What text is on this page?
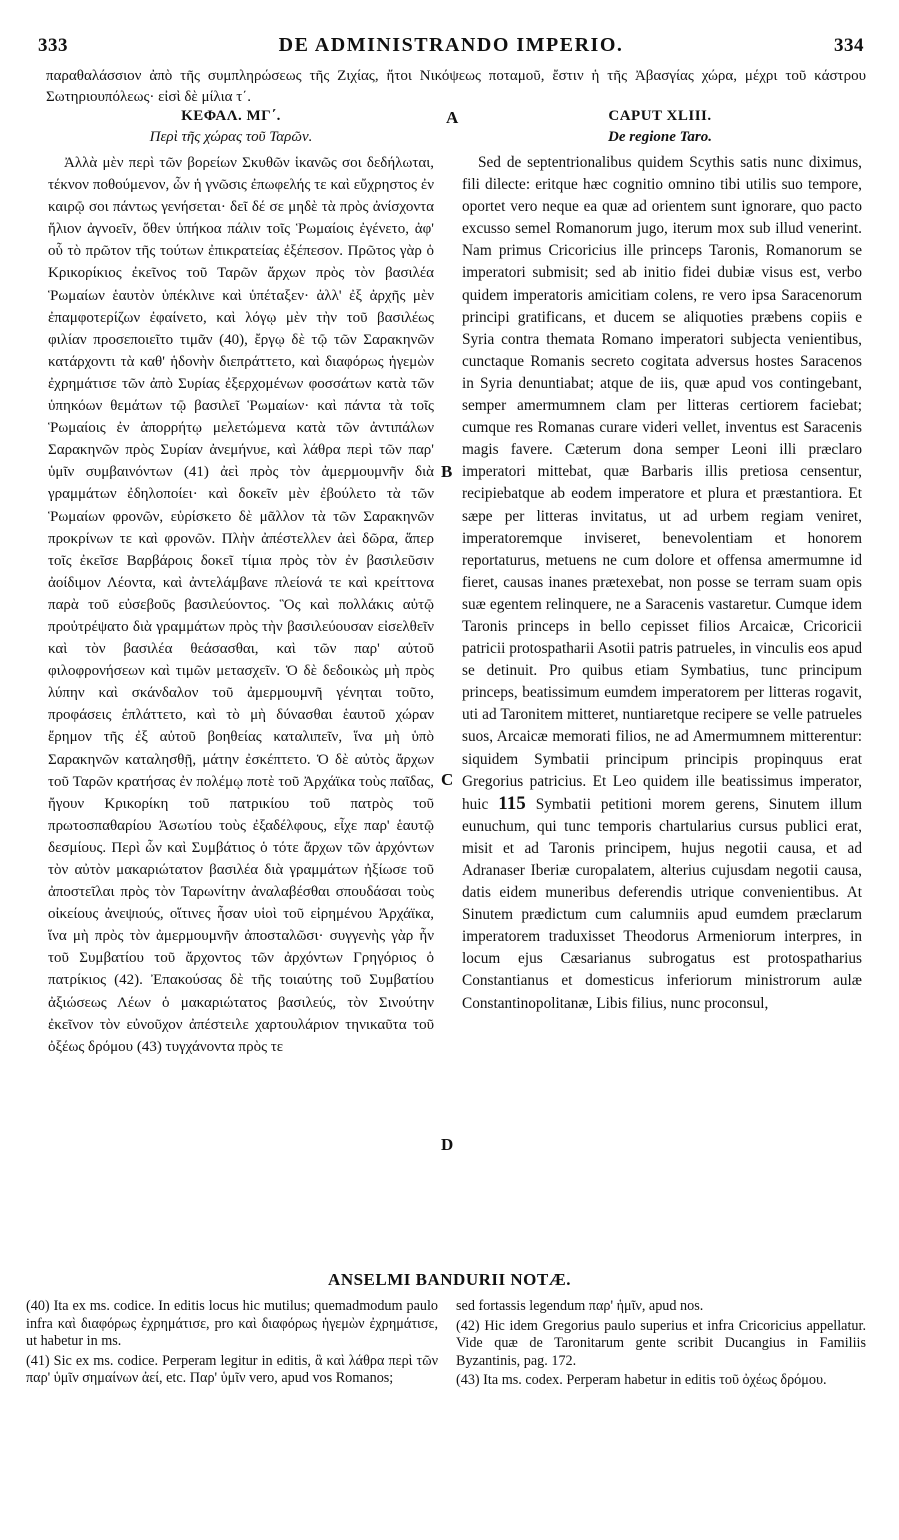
333	DE ADMINISTRANDO IMPERIO.	334
παραθαλάσσιον ἀπὸ τῆς συμπληρώσεως τῆς Ζιχίας, ἤτοι Νικόψεως ποταμοῦ, ἔστιν ἡ τῆς Ἀβασγίας χώρα, μέχρι τοῦ κάστρου Σωτηριουπόλεως· εἰσὶ δὲ μίλια τ΄.
ΚΕΦΑΛ. ΜΓ΄.
Περὶ τῆς χώρας τοῦ Ταρῶν.
CAPUT XLIII.
De regione Taro.
A
B
C
D

Ἀλλὰ μὲν περὶ τῶν βορείων Σκυθῶν ἱκανῶς σοι δεδήλωται, τέκνον ποθούμενον, ὧν ἡ γνῶσις ἐπωφελής τε καὶ εὔχρηστος ἐν καιρῷ σοι πάντως γενήσεται· δεῖ δέ σε μηδὲ τὰ πρὸς ἀνίσχοντα ἥλιον ἀγνοεῖν, ὅθεν ὑπήκοα πάλιν τοῖς Ῥωμαίοις ἐγένετο, ἀφ' οὗ τὸ πρῶτον τῆς τούτων ἐπικρατείας ἐξέπεσον. Πρῶτος γὰρ ὁ Κρικορίκιος ἐκεῖνος τοῦ Ταρῶν ἄρχων πρὸς τὸν βασιλέα Ῥωμαίων ἑαυτὸν ὑπέκλινε καὶ ὑπέταξεν· ἀλλ' ἐξ ἀρχῆς μὲν ἐπαμφοτερίζων ἐφαίνετο, καὶ λόγῳ μὲν τὴν τοῦ βασιλέως φιλίαν προσεποιεῖτο τιμᾶν (40), ἔργῳ δὲ τῷ τῶν Σαρακηνῶν κατάρχοντι τὰ καθ' ἡδονὴν διεπράττετο, καὶ διαφόρως ἡγεμὼν ἐχρημάτισε τῶν ἀπὸ Συρίας ἐξερχομένων φοσσάτων κατὰ τῶν ὑπηκόων θεμάτων τῷ βασιλεῖ Ῥωμαίων· καὶ πάντα τὰ τοῖς Ῥωμαίοις ἐν ἀπορρήτῳ μελετώμενα κατὰ τῶν ἀντιπάλων Σαρακηνῶν πρὸς Συρίαν ἀνεμήνυε, καὶ λάθρα περὶ τῶν παρ' ὑμῖν συμβαινόντων (41) ἀεὶ πρὸς τὸν ἀμερμουμνῆν διὰ γραμμάτων ἐδηλοποίει· καὶ δοκεῖν μὲν ἐβούλετο τὰ τῶν Ῥωμαίων φρονῶν, εὑρίσκετο δὲ μᾶλλον τὰ τῶν Σαρακηνῶν προκρίνων τε καὶ φρονῶν. Πλὴν ἀπέστελλεν ἀεὶ δῶρα, ἅπερ τοῖς ἐκεῖσε Βαρβάροις δοκεῖ τίμια πρὸς τὸν ἐν βασιλεῦσιν ἀοίδιμον Λέοντα, καὶ ἀντελάμβανε πλείονά τε καὶ κρείττονα παρὰ τοῦ εὐσεβοῦς βασιλεύοντος. Ὃς καὶ πολλάκις αὐτῷ προὐτρέψατο διὰ γραμμάτων πρὸς τὴν βασιλεύουσαν εἰσελθεῖν καὶ τὸν βασιλέα θεάσασθαι, καὶ τῶν παρ' αὐτοῦ φιλοφρονήσεων καὶ τιμῶν μετασχεῖν. Ὁ δὲ δεδοικὼς μὴ πρὸς λύπην καὶ σκάνδαλον τοῦ ἀμερμουμνῆ γένηται τοῦτο, προφάσεις ἐπλάττετο, καὶ τὸ μὴ δύνασθαι ἑαυτοῦ χώραν ἔρημον τῆς ἐξ αὐτοῦ βοηθείας καταλιπεῖν, ἵνα μὴ ὑπὸ Σαρακηνῶν καταλησθῇ, μάτην ἐσκέπτετο. Ὁ δὲ αὐτὸς ἄρχων τοῦ Ταρῶν κρατήσας ἐν πολέμῳ ποτὲ τοῦ Ἀρχάϊκα τοὺς παῖδας, ἤγουν Κρικορίκη τοῦ πατρικίου τοῦ πατρὸς τοῦ πρωτοσπαθαρίου Ἀσωτίου τοὺς ἐξαδέλφους, εἶχε παρ' ἑαυτῷ δεσμίους. Περὶ ὧν καὶ Συμβάτιος ὁ τότε ἄρχων τῶν ἀρχόντων τὸν αὐτὸν μακαριώτατον βασιλέα διὰ γραμμάτων ἠξίωσε τοῦ ἀποστεῖλαι πρὸς τὸν Ταρωνίτην ἀναλαβέσθαι σπουδάσαι τοὺς οἰκείους ἀνεψιούς, οἵτινες ἦσαν υἱοὶ τοῦ εἰρημένου Ἀρχάϊκα, ἵνα μὴ πρὸς τὸν ἀμερμουμνῆν ἀποσταλῶσι· συγγενὴς γὰρ ἦν τοῦ Συμβατίου τοῦ ἄρχοντος τῶν ἀρχόντων Γρηγόριος ὁ πατρίκιος (42). Ἐπακούσας δὲ τῆς τοιαύτης τοῦ Συμβατίου ἀξιώσεως Λέων ὁ μακαριώτατος βασιλεύς, τὸν Σινούτην ἐκεῖνον τὸν εὐνοῦχον ἀπέστειλε χαρτουλάριον τηνικαῦτα τοῦ ὀξέως δρόμου (43) τυγχάνοντα πρὸς τε

Sed de septentrionalibus quidem Scythis satis nunc diximus, fili dilecte: eritque hæc cognitio omnino tibi utilis suo tempore, oportet vero neque ea quæ ad orientem sunt ignorare, quo pacto excusso semel Romanorum jugo, iterum mox sub illud venerint. Nam primus Cricoricius ille princeps Taronis, Romanorum se imperatori submisit; sed ab initio fidei dubiæ visus est, verbo quidem imperatoris amicitiam colens, re vero ipsa Saracenorum principi gratificans, et ducem se aliquoties præbens copiis e Syria contra themata Romano imperatori subjecta venientibus, cunctaque Romanis secreto cogitata adversus hostes Saracenos in Syria denuntiabat; atque de iis, quæ apud vos contingebant, semper amermumnem clam per litteras certiorem faciebat; cumque res Romanas curare videri vellet, inventus est Saracenis magis favere. Cæterum dona semper Leoni illi præclaro imperatori mittebat, quæ Barbaris illis pretiosa censentur, recipiebatque ab eodem imperatore et plura et præstantiora. Et sæpe per litteras invitatus, ut ad urbem regiam veniret, imperatoremque inviseret, benevolentiam et honorem reportaturus, metuens ne cum dolore et offensa amermumne id fieret, causas inanes prætexebat, non posse se terram suam opis suæ egentem relinquere, ne a Saracenis vastaretur. Cumque idem Taronis princeps in bello cepisset filios Arcaicæ, Cricoricii patricii protospatharii Asotii patris patrueles, in vinculis eos apud se detinuit. Pro quibus etiam Symbatius, tunc principum princeps, beatissimum eumdem imperatorem per litteras rogavit, uti ad Taronitem mitteret, nuntiaretque recipere se velle patrueles suos, Arcaicæ memorati filios, ne ad Amermumnem mitterentur: siquidem Symbatii principum principis propinquus erat Gregorius patricius. Et Leo quidem ille beatissimus imperator, huic 115 Symbatii petitioni morem gerens, Sinutem illum eunuchum, qui tunc temporis chartularius cursus publici erat, misit et ad Taronis principem, hujus negotii causa, et ad Adranaser Iberiæ curopalatem, alterius cujusdam negotii causa, datis eidem muneribus deferendis utrique convenientibus. At Sinutem prædictum cum calumniis apud eumdem præclarum imperatorem traduxisset Theodorus Armeniorum interpres, in locum ejus Cæsarianus subrogatus est protospatharius Constantianus et domesticus inferiorum ministrorum aulæ Constantinopolitanæ, Libis filius, nunc proconsul,

ANSELMI BANDURII NOTÆ.

(40) Ita ex ms. codice. In editis locus hic mutilus; quemadmodum paulo infra καὶ διαφόρως ἐχρημάτισε, pro καὶ διαφόρως ἡγεμὼν ἐχρημάτισε, ut habetur in ms.

(41) Sic ex ms. codice. Perperam legitur in editis, ἃ καὶ λάθρα περὶ τῶν παρ' ὑμῖν σημαίνων ἀεί, etc. Παρ' ὑμῖν vero, apud vos Romanos;

sed fortassis legendum παρ' ἡμῖν, apud nos.

(42) Hic idem Gregorius paulo superius et infra Cricoricius appellatur. Vide quæ de Taronitarum gente scribit Ducangius in Familiis Byzantinis, pag. 172.

(43) Ita ms. codex. Perperam habetur in editis τοῦ ὀχέως δρόμου.
